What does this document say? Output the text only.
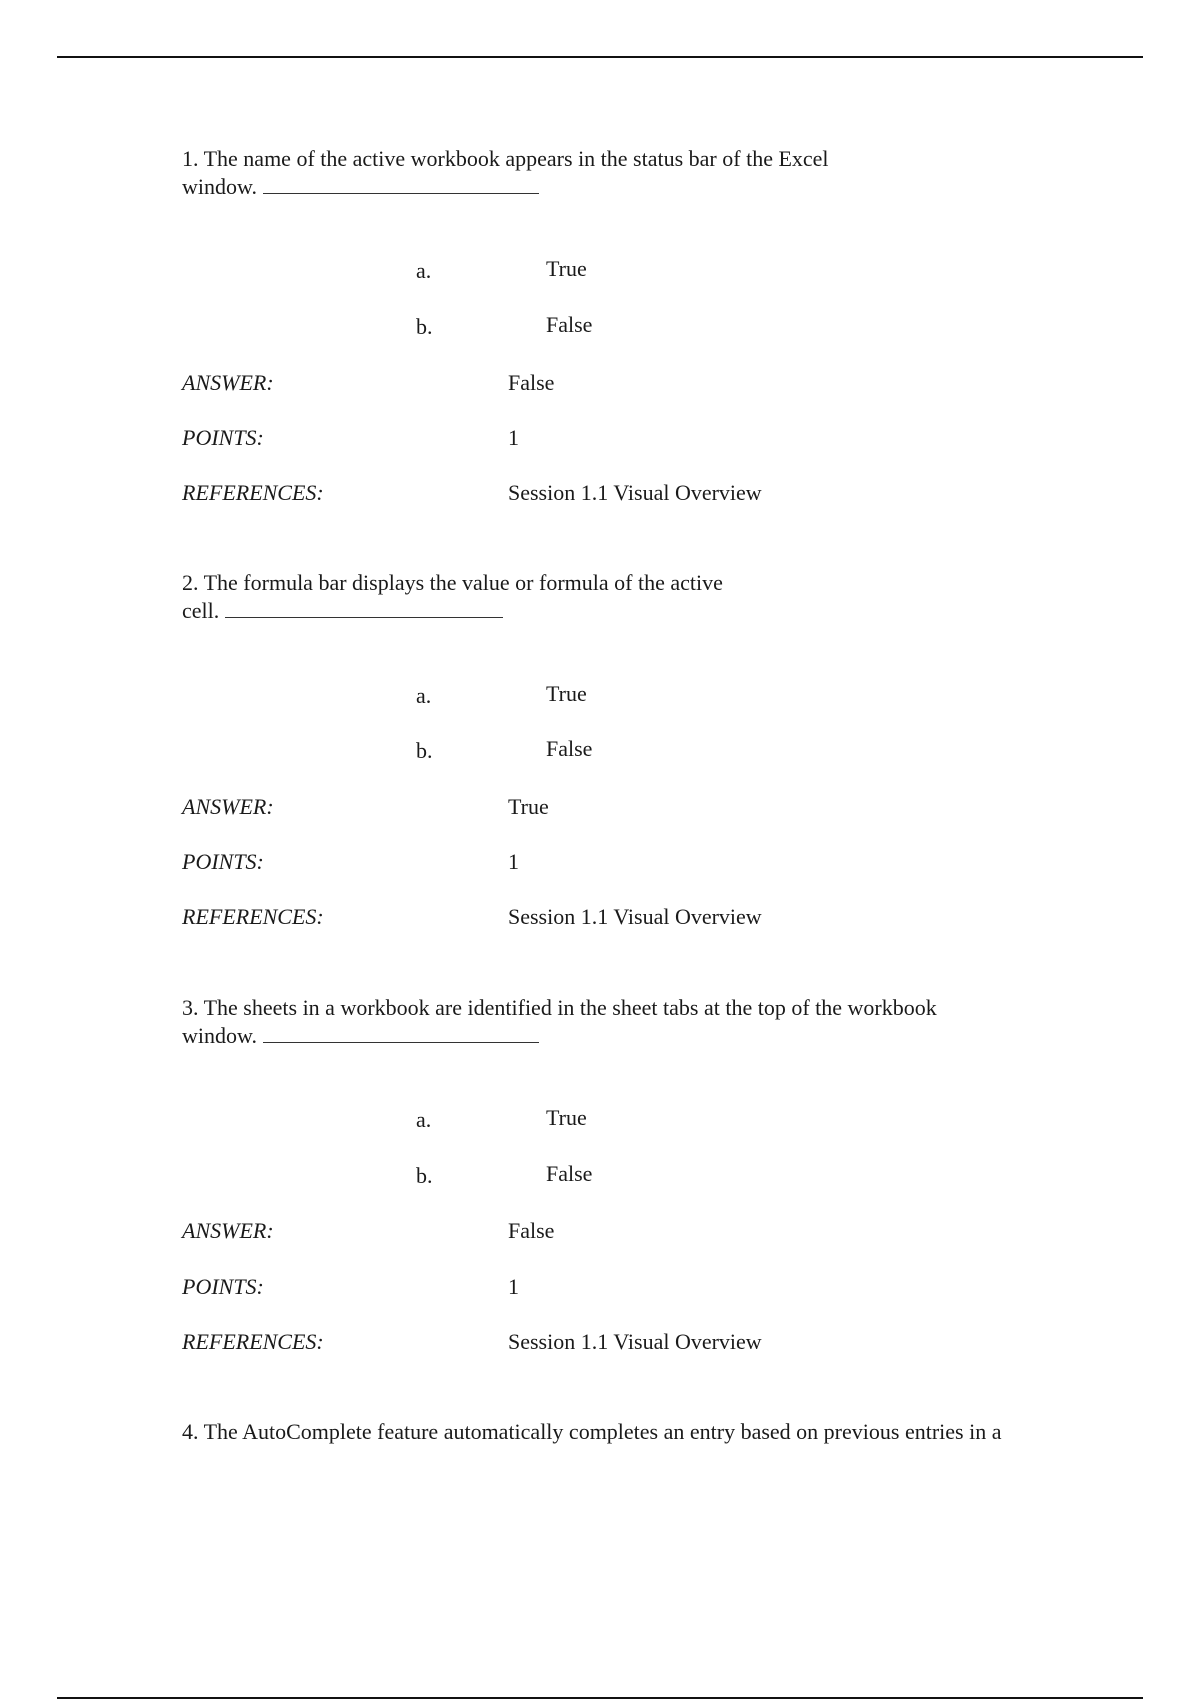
1. The name of the active workbook appears in the status bar of the Excel
window.
a.	True
b.	False
ANSWER:	False
POINTS:	1
REFERENCES:	Session 1.1 Visual Overview
2. The formula bar displays the value or formula of the active
cell.
a.	True
b.	False
ANSWER:	True
POINTS:	1
REFERENCES:	Session 1.1 Visual Overview
3. The sheets in a workbook are identified in the sheet tabs at the top of the workbook
window.
a.	True
b.	False
ANSWER:	False
POINTS:	1
REFERENCES:	Session 1.1 Visual Overview
4. The AutoComplete feature automatically completes an entry based on previous entries in a
